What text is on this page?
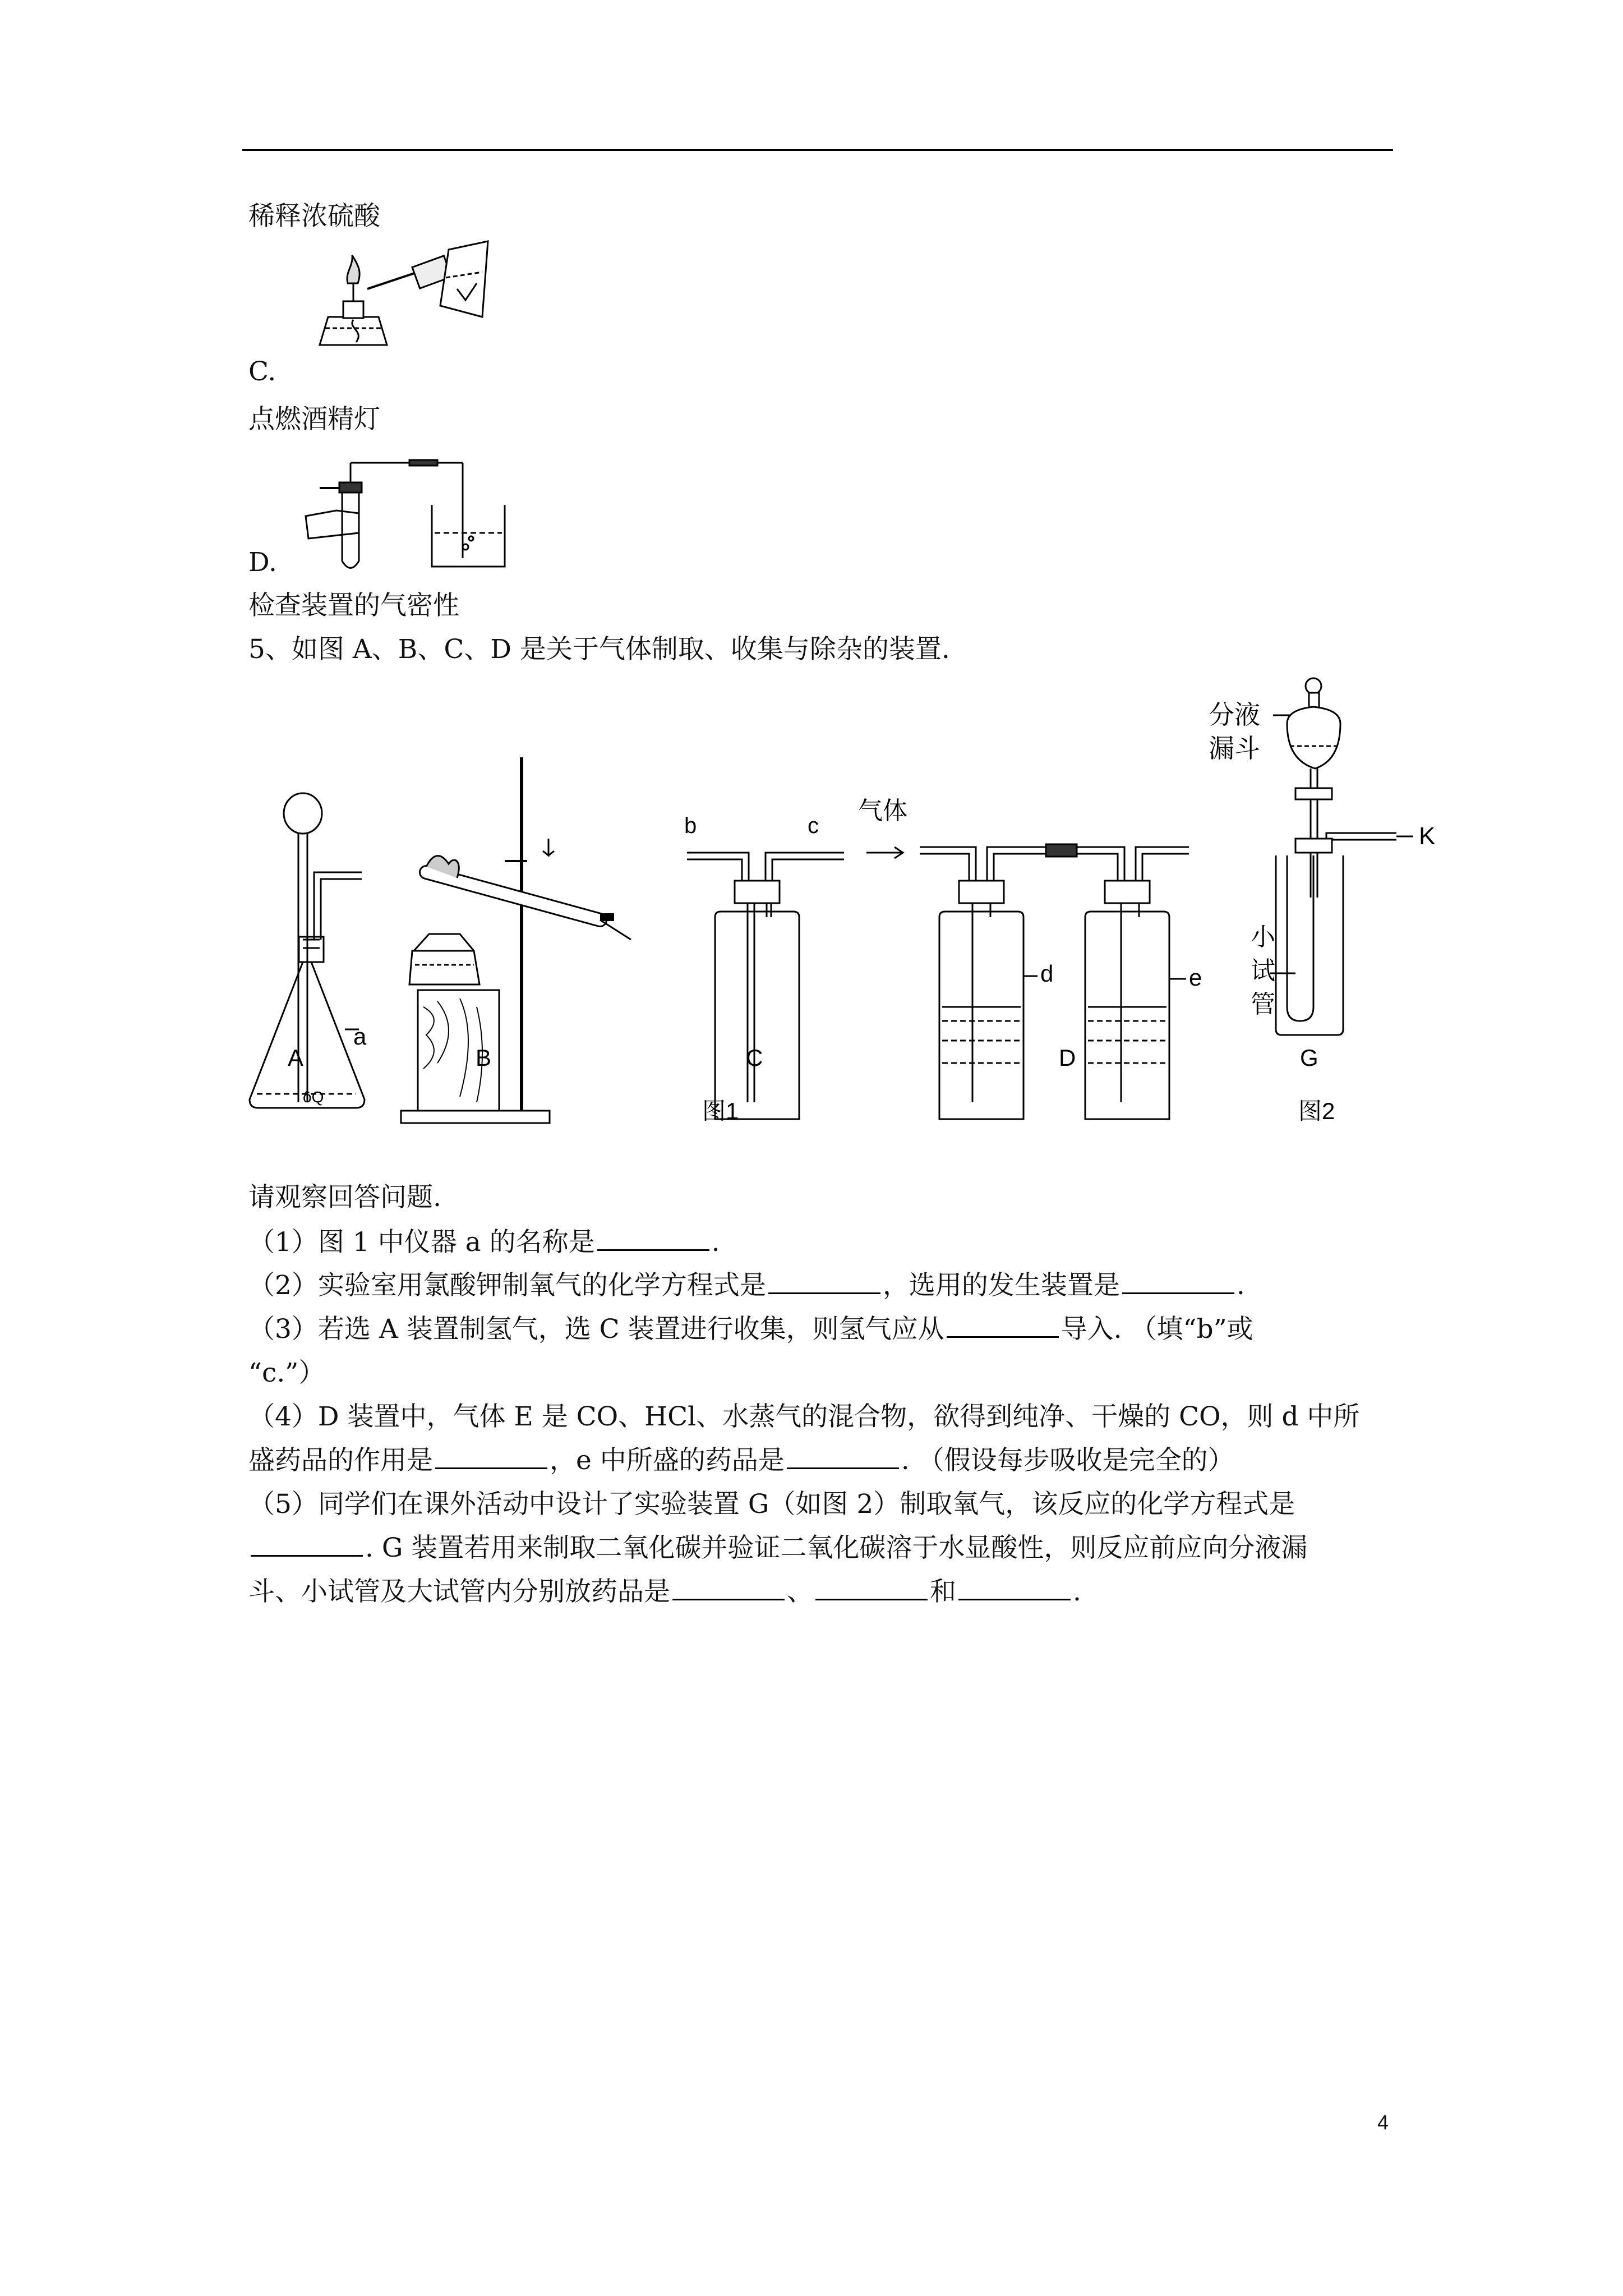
稀释浓硫酸
C.
点燃酒精灯
D.
检查装置的气密性
5、如图 A、B、C、D 是关于气体制取、收集与除杂的装置.
ôQ
b	c
气体
分液
漏斗
K
小
试
管
a
d	e
A	B	C	D	G
图1	图2
请观察回答问题.
（1）图 1 中仪器 a 的名称是	.
（2）实验室用氯酸钾制氧气的化学方程式是	，选用的发生装置是	.
（3）若选 A 装置制氢气，选 C 装置进行收集，则氢气应从	导入. （填“b”或
“c.”）
（4）D 装置中，气体 E 是 CO、HCl、水蒸气的混合物，欲得到纯净、干燥的 CO，则 d 中所
盛药品的作用是	，e 中所盛的药品是	. （假设每步吸收是完全的）
（5）同学们在课外活动中设计了实验装置 G（如图 2）制取氧气，该反应的化学方程式是
. G 装置若用来制取二氧化碳并验证二氧化碳溶于水显酸性，则反应前应向分液漏
斗、小试管及大试管内分别放药品是	、	和	.
4
